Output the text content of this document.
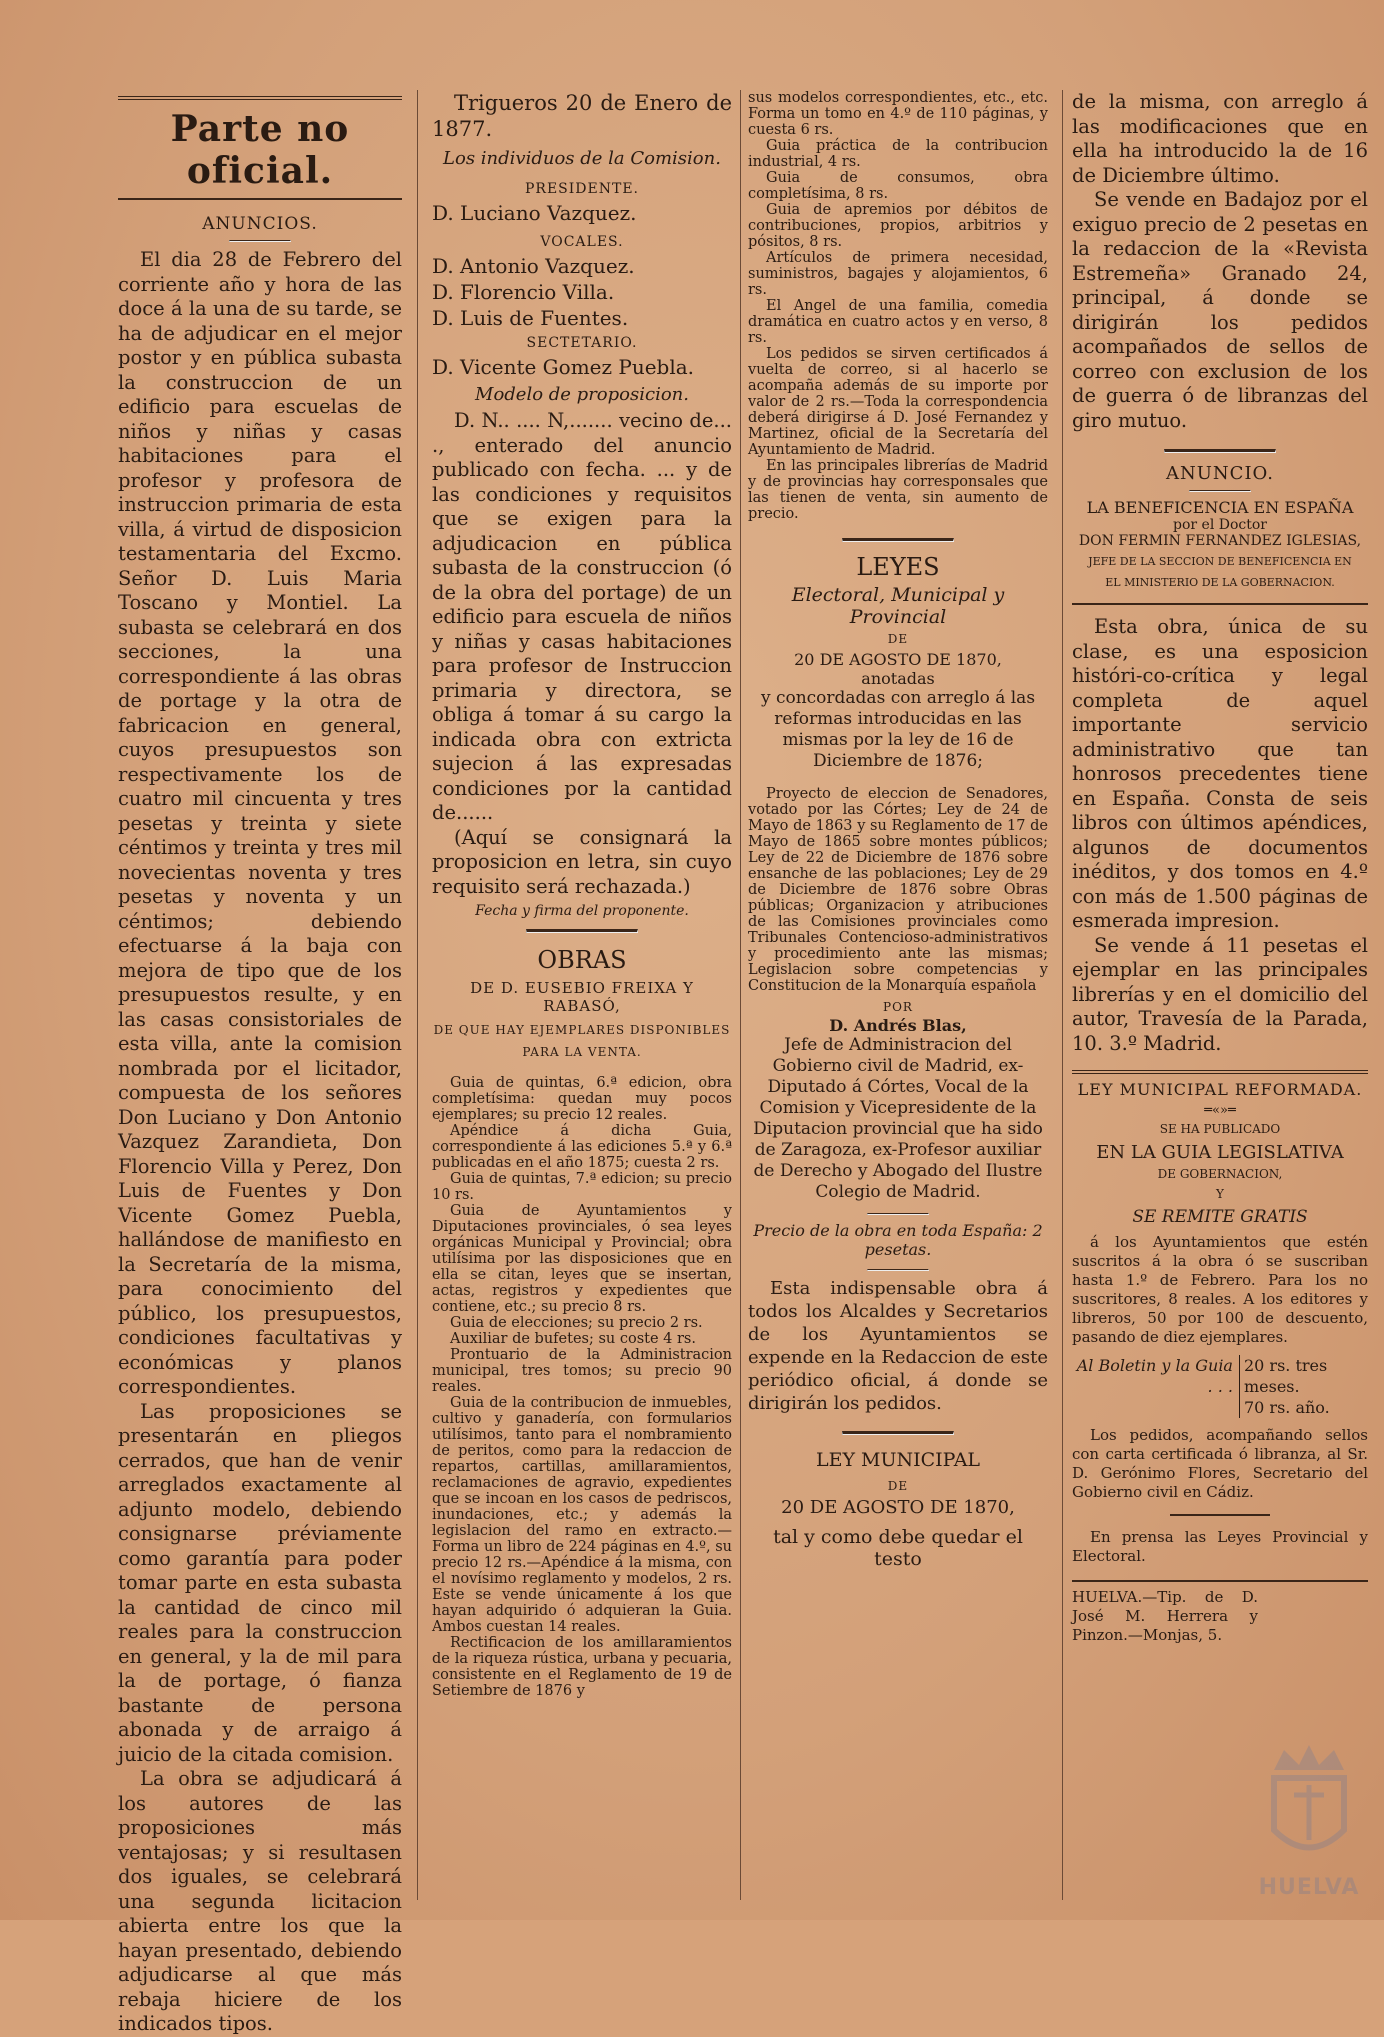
Parte no oficial.
ANUNCIOS.

El dia 28 de Febrero del corriente año y hora de las doce á la una de su tarde, se ha de adjudicar en el mejor postor y en pública subasta la construccion de un edificio para escuelas de niños y niñas y casas habitaciones para el profesor y profesora de instruccion primaria de esta villa, á virtud de disposicion testamentaria del Excmo. Señor D. Luis Maria Toscano y Montiel. La subasta se celebrará en dos secciones, la una correspondiente á las obras de portage y la otra de fabricacion en general, cuyos presupuestos son respectivamente los de cuatro mil cincuenta y tres pesetas y treinta y siete céntimos y treinta y tres mil novecientas noventa y tres pesetas y noventa y un céntimos; debiendo efectuarse á la baja con mejora de tipo que de los presupuestos resulte, y en las casas consistoriales de esta villa, ante la comision nombrada por el licitador, compuesta de los señores Don Luciano y Don Antonio Vazquez Zarandieta, Don Florencio Villa y Perez, Don Luis de Fuentes y Don Vicente Gomez Puebla, hallándose de manifiesto en la Secretaría de la misma, para conocimiento del público, los presupuestos, condiciones facultativas y económicas y planos correspondientes.

Las proposiciones se presentarán en pliegos cerrados, que han de venir arreglados exactamente al adjunto modelo, debiendo consignarse préviamente como garantía para poder tomar parte en esta subasta la cantidad de cinco mil reales para la construccion en general, y la de mil para la de portage, ó fianza bastante de persona abonada y de arraigo á juicio de la citada comision.

La obra se adjudicará á los autores de las proposiciones más ventajosas; y si resultasen dos iguales, se celebrará una segunda licitacion abierta entre los que la hayan presentado, debiendo adjudicarse al que más rebaja hiciere de los indicados tipos.

Trigueros 20 de Enero de 1877.

Los individuos de la Comision.

PRESIDENTE.

D. Luciano Vazquez.

VOCALES.

D. Antonio Vazquez.

D. Florencio Villa.

D. Luis de Fuentes.

SECTETARIO.

D. Vicente Gomez Puebla.

Modelo de proposicion.

D. N.. .... N,....... vecino de... ., enterado del anuncio publicado con fecha. ... y de las condiciones y requisitos que se exigen para la adjudicacion en pública subasta de la construccion (ó de la obra del portage) de un edificio para escuela de niños y niñas y casas habitaciones para profesor de Instruccion primaria y directora, se obliga á tomar á su cargo la indicada obra con extricta sujecion á las expresadas condiciones por la cantidad de......

(Aquí se consignará la proposicion en letra, sin cuyo requisito será rechazada.)

Fecha y firma del proponente.

OBRAS
DE D. EUSEBIO FREIXA Y RABASÓ,
DE QUE HAY EJEMPLARES DISPONIBLES PARA LA VENTA.

Guia de quintas, 6.ª edicion, obra completísima: quedan muy pocos ejemplares; su precio 12 reales.

Apéndice á dicha Guia, correspondiente á las ediciones 5.ª y 6.ª publicadas en el año 1875; cuesta 2 rs.

Guia de quintas, 7.ª edicion; su precio 10 rs.

Guia de Ayuntamientos y Diputaciones provinciales, ó sea leyes orgánicas Municipal y Provincial; obra utilísima por las disposiciones que en ella se citan, leyes que se insertan, actas, registros y expedientes que contiene, etc.; su precio 8 rs.

Guia de elecciones; su precio 2 rs.

Auxiliar de bufetes; su coste 4 rs.

Prontuario de la Administracion municipal, tres tomos; su precio 90 reales.

Guia de la contribucion de inmuebles, cultivo y ganadería, con formularios utilísimos, tanto para el nombramiento de peritos, como para la redaccion de repartos, cartillas, amillaramientos, reclamaciones de agravio, expedientes que se incoan en los casos de pedriscos, inundaciones, etc.; y además la legislacion del ramo en extracto.—Forma un libro de 224 páginas en 4.º, su precio 12 rs.—Apéndice á la misma, con el novísimo reglamento y modelos, 2 rs. Este se vende únicamente á los que hayan adquirido ó adquieran la Guia. Ambos cuestan 14 reales.

Rectificacion de los amillaramientos de la riqueza rústica, urbana y pecuaria, consistente en el Reglamento de 19 de Setiembre de 1876 y

sus modelos correspondientes, etc., etc. Forma un tomo en 4.º de 110 páginas, y cuesta 6 rs.

Guia práctica de la contribucion industrial, 4 rs.

Guia de consumos, obra completísima, 8 rs.

Guia de apremios por débitos de contribuciones, propios, arbitrios y pósitos, 8 rs.

Artículos de primera necesidad, suministros, bagajes y alojamientos, 6 rs.

El Angel de una familia, comedia dramática en cuatro actos y en verso, 8 rs.

Los pedidos se sirven certificados á vuelta de correo, si al hacerlo se acompaña además de su importe por valor de 2 rs.—Toda la correspondencia deberá dirigirse á D. José Fernandez y Martinez, oficial de la Secretaría del Ayuntamiento de Madrid.

En las principales librerías de Madrid y de provincias hay corresponsales que las tienen de venta, sin aumento de precio.

LEYES
Electoral, Municipal y Provincial
DE
20 DE AGOSTO DE 1870,
anotadas

y concordadas con arreglo á las reformas introducidas en las mismas por la ley de 16 de Diciembre de 1876;

Proyecto de eleccion de Senadores, votado por las Córtes; Ley de 24 de Mayo de 1863 y su Reglamento de 17 de Mayo de 1865 sobre montes públicos; Ley de 22 de Diciembre de 1876 sobre ensanche de las poblaciones; Ley de 29 de Diciembre de 1876 sobre Obras públicas; Organizacion y atribuciones de las Comisiones provinciales como Tribunales Contencioso-administrativos y procedimiento ante las mismas; Legislacion sobre competencias y Constitucion de la Monarquía española

POR
D. Andrés Blas,

Jefe de Administracion del Gobierno civil de Madrid, ex-Diputado á Córtes, Vocal de la Comision y Vicepresidente de la Diputacion provincial que ha sido de Zaragoza, ex-Profesor auxiliar de Derecho y Abogado del Ilustre Colegio de Madrid.

Precio de la obra en toda España: 2 pesetas.

Esta indispensable obra á todos los Alcaldes y Secretarios de los Ayuntamientos se expende en la Redaccion de este periódico oficial, á donde se dirigirán los pedidos.

LEY MUNICIPAL
DE
20 DE AGOSTO DE 1870,
tal y como debe quedar el testo

de la misma, con arreglo á las modificaciones que en ella ha introducido la de 16 de Diciembre último.

Se vende en Badajoz por el exiguo precio de 2 pesetas en la redaccion de la «Revista Estremeña» Granado 24, principal, á donde se dirigirán los pedidos acompañados de sellos de correo con exclusion de los de guerra ó de libranzas del giro mutuo.

ANUNCIO.
LA BENEFICENCIA EN ESPAÑA
por el Doctor
DON FERMIN FERNANDEZ IGLESIAS,
JEFE DE LA SECCION DE BENEFICENCIA EN
EL MINISTERIO DE LA GOBERNACION.

Esta obra, única de su clase, es una esposicion históri-co-crítica y legal completa de aquel importante servicio administrativo que tan honrosos precedentes tiene en España. Consta de seis libros con últimos apéndices, algunos de documentos inéditos, y dos tomos en 4.º con más de 1.500 páginas de esmerada impresion.

Se vende á 11 pesetas el ejemplar en las principales librerías y en el domicilio del autor, Travesía de la Parada, 10. 3.º Madrid.

LEY MUNICIPAL REFORMADA.
═«»═
SE HA PUBLICADO
EN LA GUIA LEGISLATIVA
DE GOBERNACION,
Y
SE REMITE GRATIS

á los Ayuntamientos que estén suscritos á la obra ó se suscriban hasta 1.º de Febrero. Para los no suscritores, 8 reales. A los editores y libreros, 50 por 100 de descuento, pasando de diez ejemplares.

Al Boletin y la Guia . . .
20 rs. tres meses.
70 rs. año.

Los pedidos, acompañando sellos con carta certificada ó libranza, al Sr. D. Gerónimo Flores, Secretario del Gobierno civil en Cádiz.

En prensa las Leyes Provincial y Electoral.

HUELVA.—Tip. de D. José M. Herrera y Pinzon.—Monjas, 5.

HUELVA
